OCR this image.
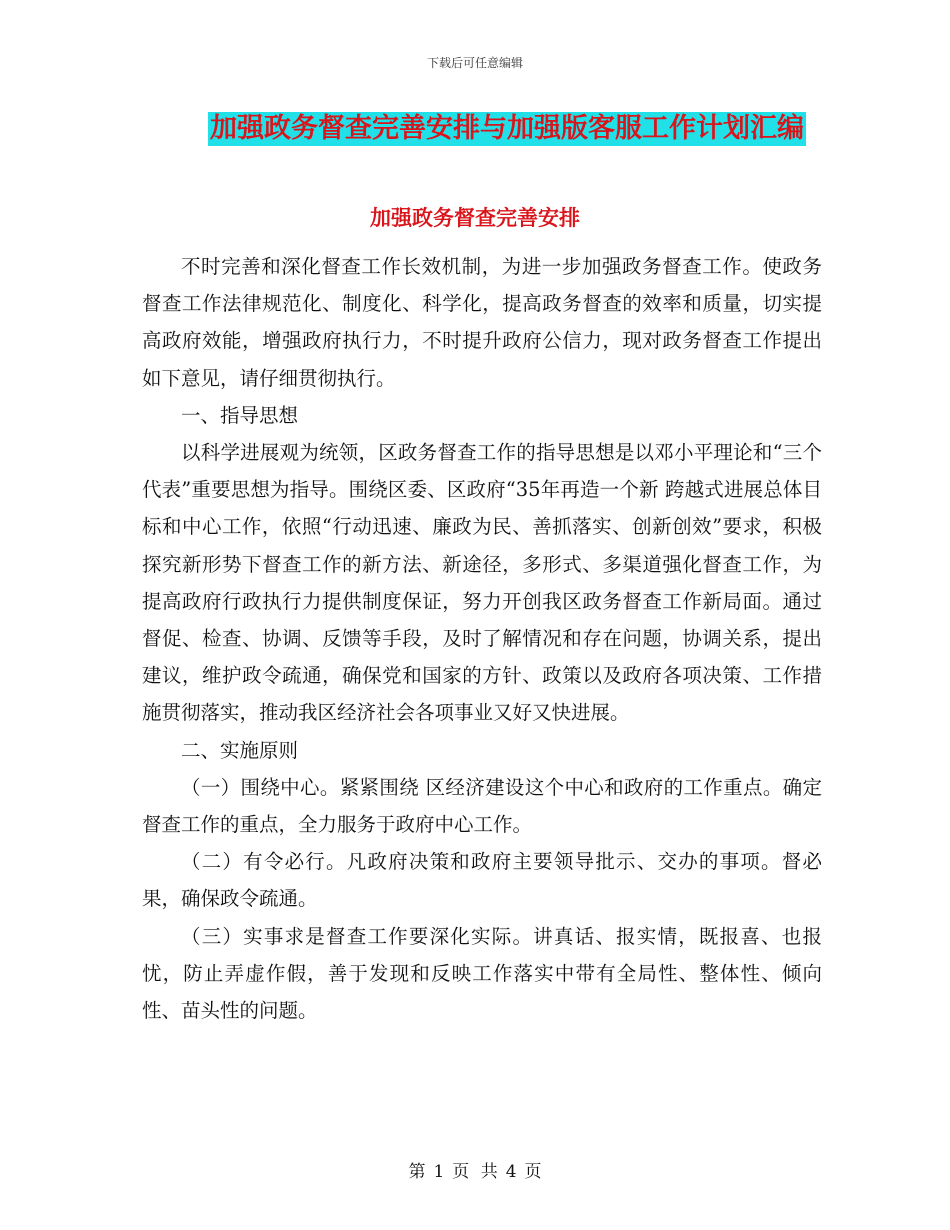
下载后可任意编辑
加强政务督查完善安排与加强版客服工作计划汇编
加强政务督查完善安排

不时完善和深化督查工作长效机制，为进一步加强政务督查工作。使政务督查工作法律规范化、制度化、科学化，提高政务督查的效率和质量，切实提高政府效能，增强政府执行力，不时提升政府公信力，现对政务督查工作提出如下意见，请仔细贯彻执行。

一、指导思想

以科学进展观为统领，区政务督查工作的指导思想是以邓小平理论和“三个代表”重要思想为指导。围绕区委、区政府“35年再造一个新 跨越式进展总体目标和中心工作，依照“行动迅速、廉政为民、善抓落实、创新创效”要求，积极探究新形势下督查工作的新方法、新途径，多形式、多渠道强化督查工作，为提高政府行政执行力提供制度保证，努力开创我区政务督查工作新局面。通过督促、检查、协调、反馈等手段，及时了解情况和存在问题，协调关系，提出建议，维护政令疏通，确保党和国家的方针、政策以及政府各项决策、工作措施贯彻落实，推动我区经济社会各项事业又好又快进展。

二、实施原则

（一）围绕中心。紧紧围绕 区经济建设这个中心和政府的工作重点。确定督查工作的重点，全力服务于政府中心工作。

（二）有令必行。凡政府决策和政府主要领导批示、交办的事项。督必果，确保政令疏通。

（三）实事求是督查工作要深化实际。讲真话、报实情，既报喜、也报忧，防止弄虚作假，善于发现和反映工作落实中带有全局性、整体性、倾向性、苗头性的问题。

第 1 页 共 4 页
